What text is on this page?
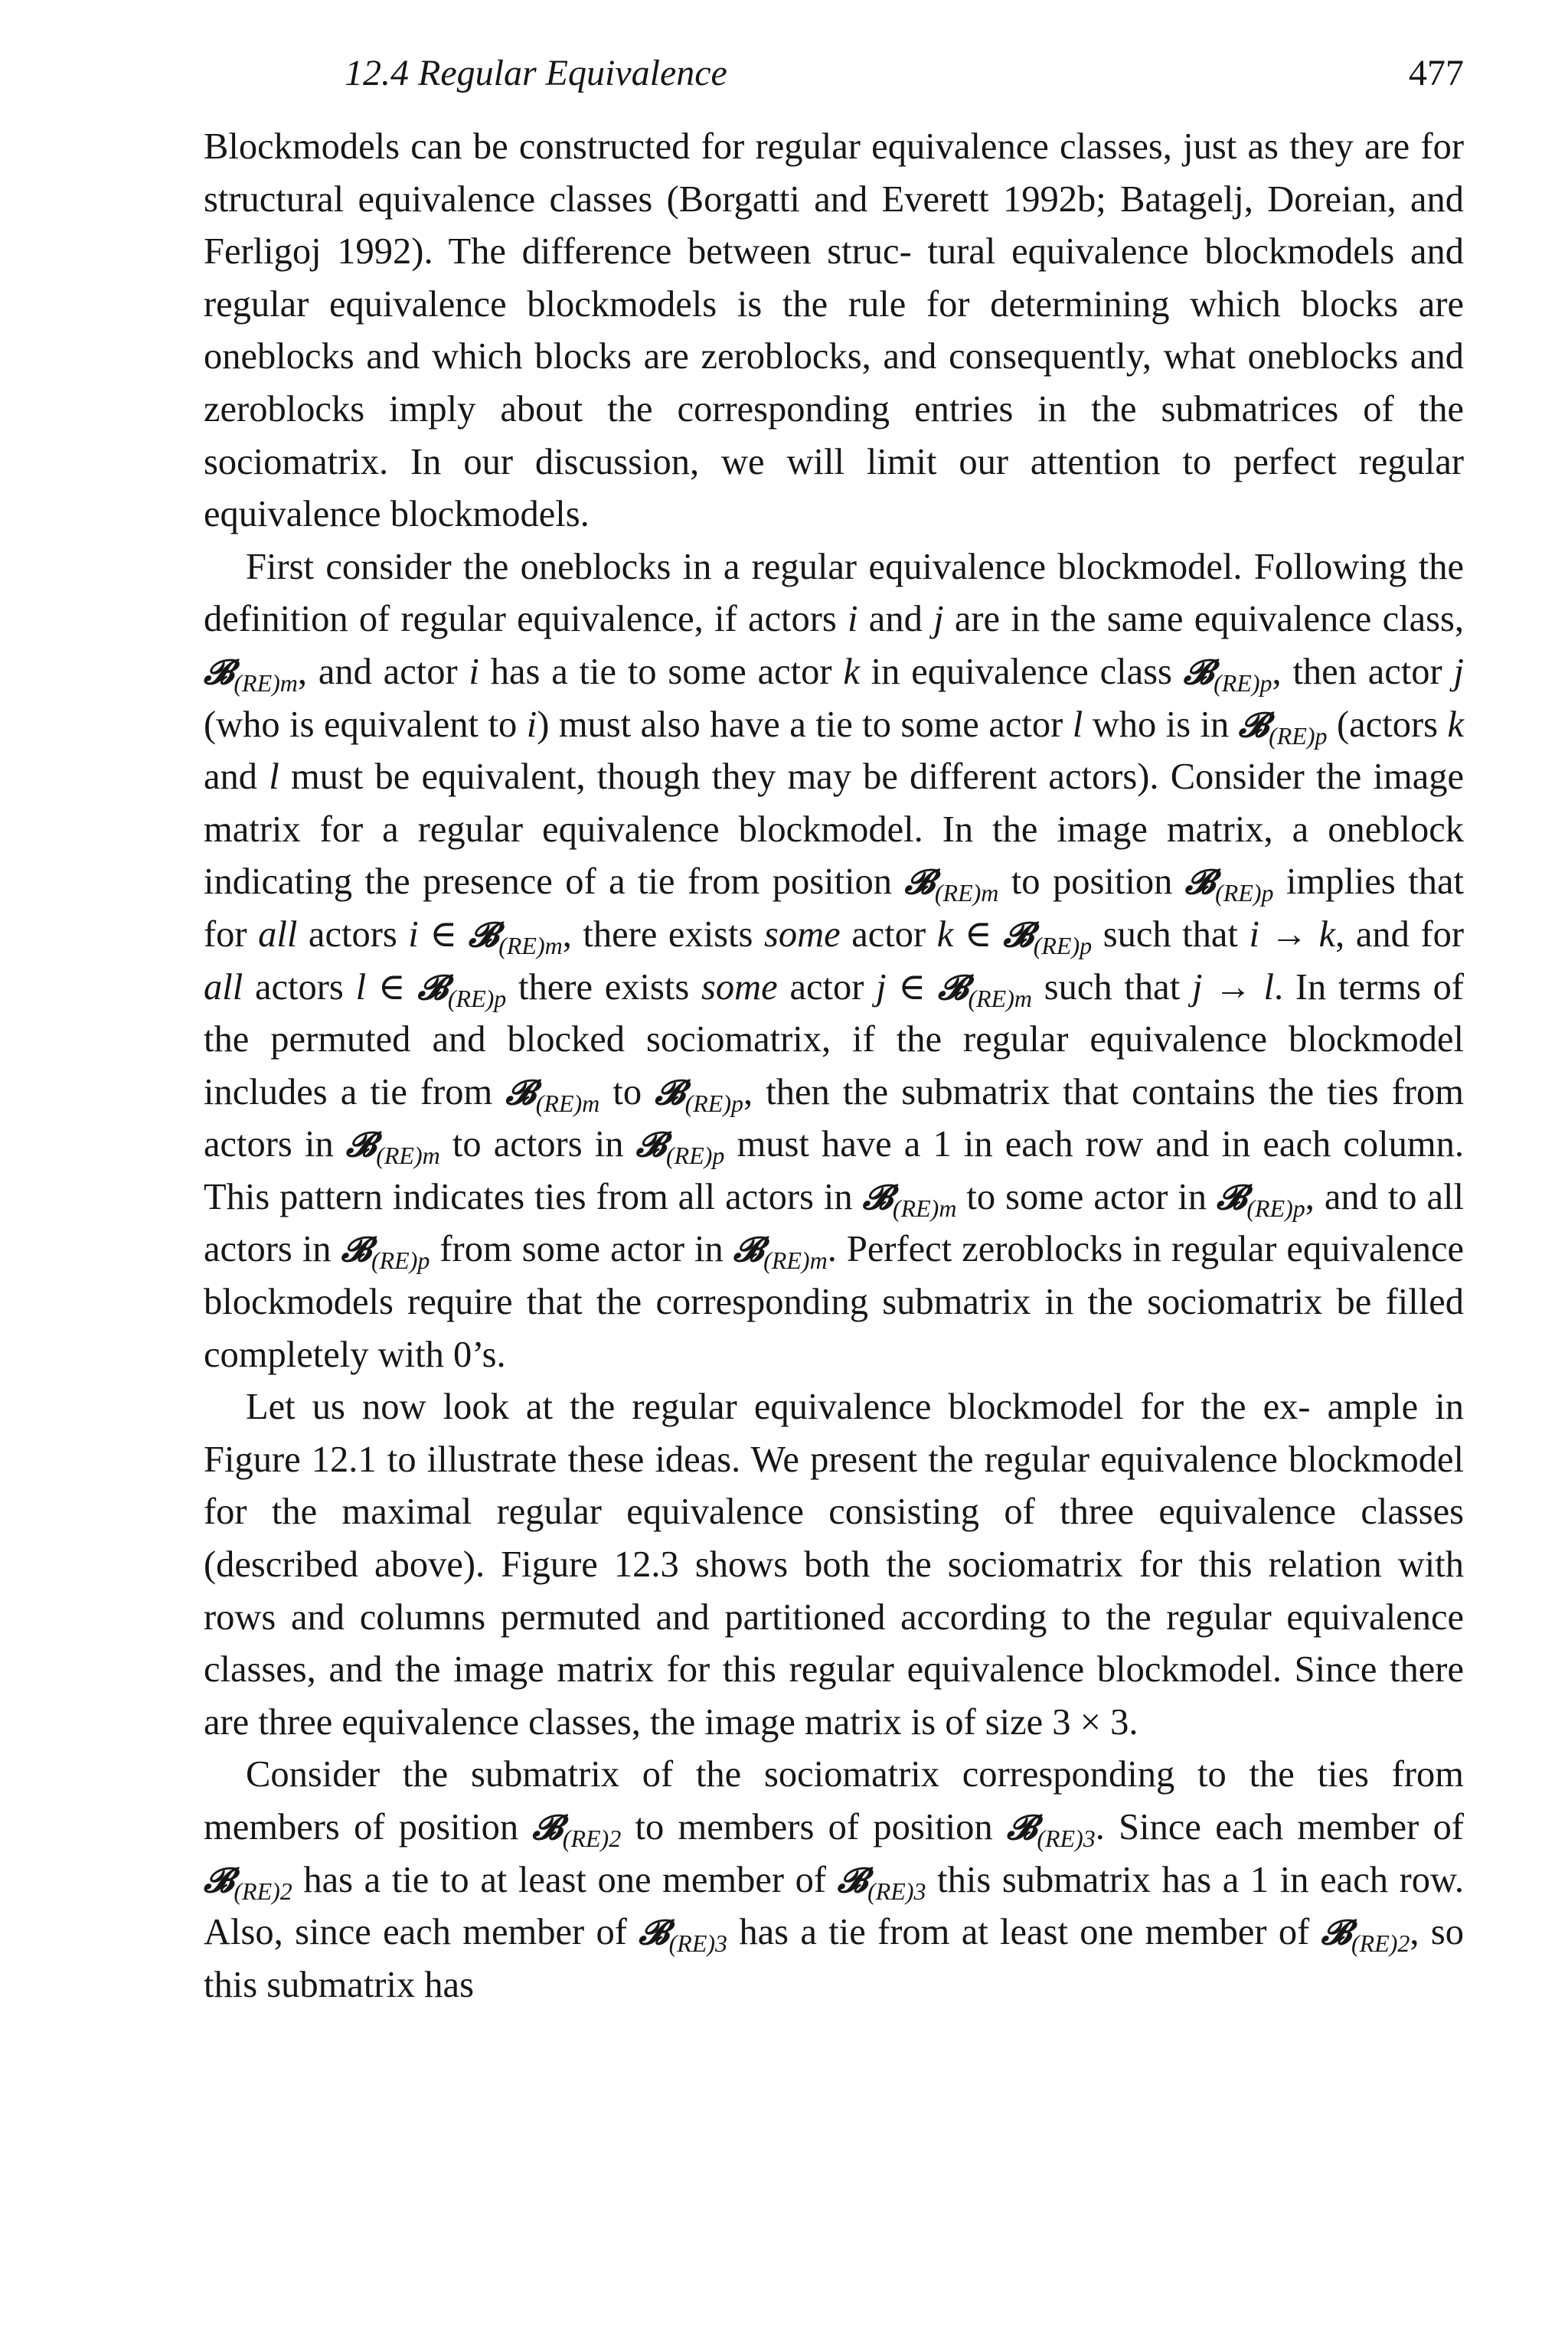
12.4 Regular Equivalence	477

Blockmodels can be constructed for regular equivalence classes, just as they are for structural equivalence classes (Borgatti and Everett 1992b; Batagelj, Doreian, and Ferligoj 1992). The difference between struc- tural equivalence blockmodels and regular equivalence blockmodels is the rule for determining which blocks are oneblocks and which blocks are zeroblocks, and consequently, what oneblocks and zeroblocks imply about the corresponding entries in the submatrices of the sociomatrix. In our discussion, we will limit our attention to perfect regular equivalence blockmodels.

First consider the oneblocks in a regular equivalence blockmodel. Following the definition of regular equivalence, if actors i and j are in the same equivalence class, 𝓑$_{(RE)m}$, and actor i has a tie to some actor k in equivalence class 𝓑$_{(RE)p}$, then actor j (who is equivalent to i) must also have a tie to some actor l who is in 𝓑$_{(RE)p}$ (actors k and l must be equivalent, though they may be different actors). Consider the image matrix for a regular equivalence blockmodel. In the image matrix, a oneblock indicating the presence of a tie from position 𝓑$_{(RE)m}$ to position 𝓑$_{(RE)p}$ implies that for all actors i ∈ 𝓑$_{(RE)m}$, there exists some actor k ∈ 𝓑$_{(RE)p}$ such that i → k, and for all actors l ∈ 𝓑$_{(RE)p}$ there exists some actor j ∈ 𝓑$_{(RE)m}$ such that j → l. In terms of the permuted and blocked sociomatrix, if the regular equivalence blockmodel includes a tie from 𝓑$_{(RE)m}$ to 𝓑$_{(RE)p}$, then the submatrix that contains the ties from actors in 𝓑$_{(RE)m}$ to actors in 𝓑$_{(RE)p}$ must have a 1 in each row and in each column. This pattern indicates ties from all actors in 𝓑$_{(RE)m}$ to some actor in 𝓑$_{(RE)p}$, and to all actors in 𝓑$_{(RE)p}$ from some actor in 𝓑$_{(RE)m}$. Perfect zeroblocks in regular equivalence blockmodels require that the corresponding submatrix in the sociomatrix be filled completely with 0’s.

Let us now look at the regular equivalence blockmodel for the ex- ample in Figure 12.1 to illustrate these ideas. We present the regular equivalence blockmodel for the maximal regular equivalence consisting of three equivalence classes (described above). Figure 12.3 shows both the sociomatrix for this relation with rows and columns permuted and partitioned according to the regular equivalence classes, and the image matrix for this regular equivalence blockmodel. Since there are three equivalence classes, the image matrix is of size 3 × 3.

Consider the submatrix of the sociomatrix corresponding to the ties from members of position 𝓑$_{(RE)2}$ to members of position 𝓑$_{(RE)3}$. Since each member of 𝓑$_{(RE)2}$ has a tie to at least one member of 𝓑$_{(RE)3}$ this submatrix has a 1 in each row. Also, since each member of 𝓑$_{(RE)3}$ has a tie from at least one member of 𝓑$_{(RE)2}$, so this submatrix has
